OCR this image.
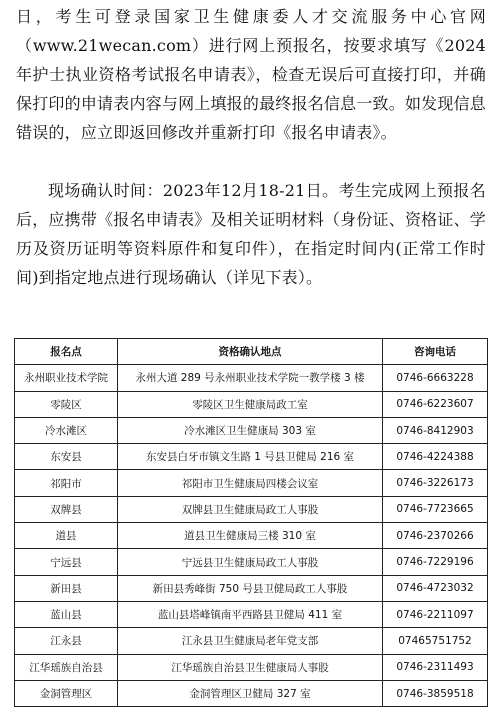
日，考生可登录国家卫生健康委人才交流服务中心官网（www.21wecan.com）进行网上预报名，按要求填写《2024年护士执业资格考试报名申请表》，检查无误后可直接打印，并确保打印的申请表内容与网上填报的最终报名信息一致。如发现信息错误的，应立即返回修改并重新打印《报名申请表》。

现场确认时间：2023年12月18-21日。考生完成网上预报名后，应携带《报名申请表》及相关证明材料（身份证、资格证、学历及资历证明等资料原件和复印件），在指定时间内(正常工作时间)到指定地点进行现场确认（详见下表）。

报名点	资格确认地点	咨询电话
永州职业技术学院	永州大道 289 号永州职业技术学院一教学楼 3 楼	0746-6663228
零陵区	零陵区卫生健康局政工室	0746-6223607
冷水滩区	冷水滩区卫生健康局 303 室	0746-8412903
东安县	东安县白牙市镇文生路 1 号县卫健局 216 室	0746-4224388
祁阳市	祁阳市卫生健康局四楼会议室	0746-3226173
双牌县	双牌县卫生健康局政工人事股	0746-7723665
道县	道县卫生健康局三楼 310 室	0746-2370266
宁远县	宁远县卫生健康局政工人事股	0746-7229196
新田县	新田县秀峰街 750 号县卫健局政工人事股	0746-4723032
蓝山县	蓝山县塔峰镇南平西路县卫健局 411 室	0746-2211097
江永县	江永县卫生健康局老年党支部	07465751752
江华瑶族自治县	江华瑶族自治县卫生健康局人事股	0746-2311493
金洞管理区	金洞管理区卫健局 327 室	0746-3859518
